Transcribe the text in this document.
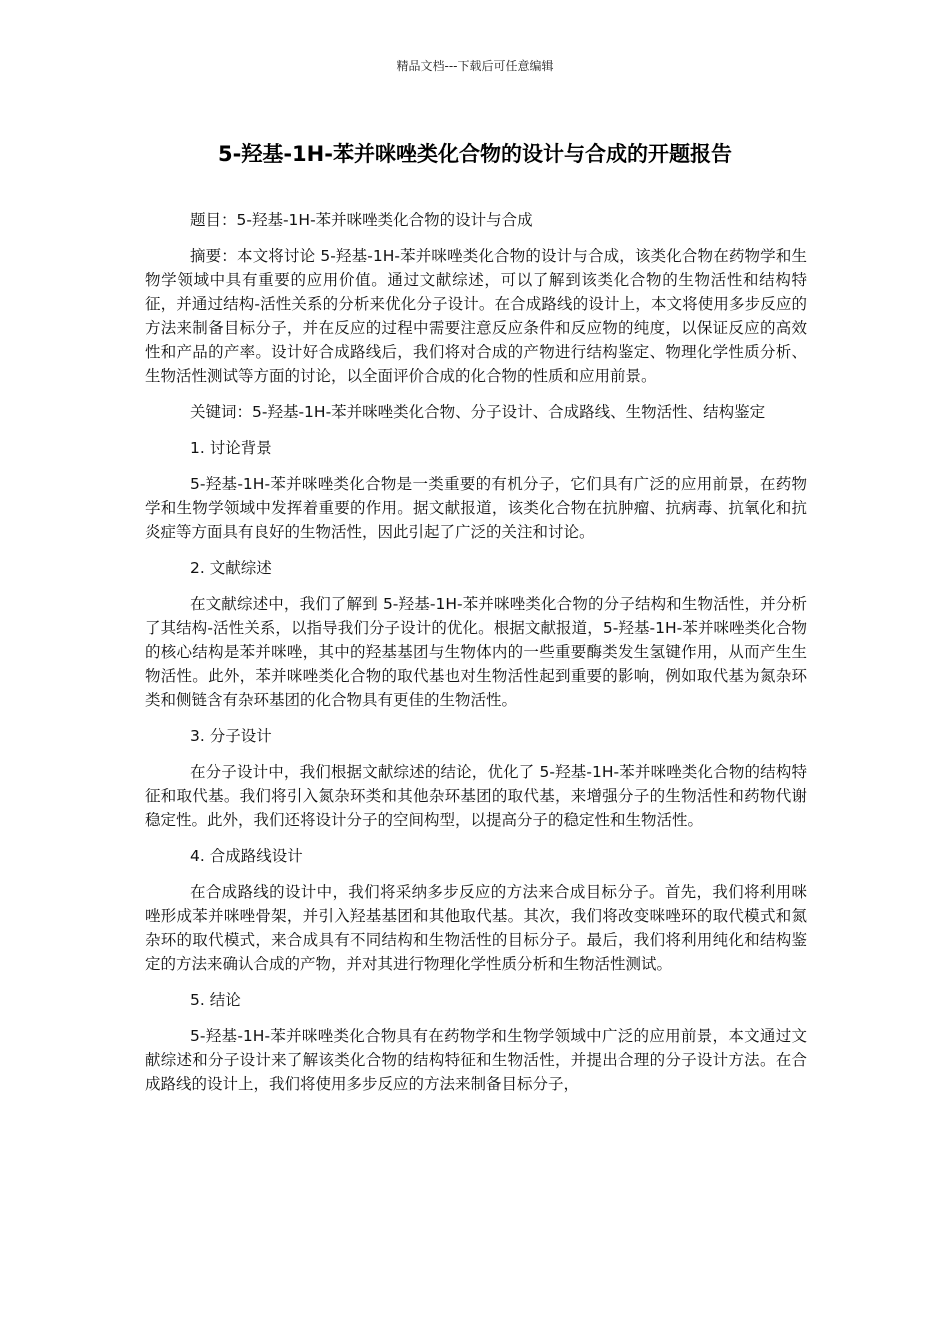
精品文档---下载后可任意编辑
5-羟基-1H-苯并咪唑类化合物的设计与合成的开题报告

题目：5-羟基-1H-苯并咪唑类化合物的设计与合成

摘要：本文将讨论 5-羟基-1H-苯并咪唑类化合物的设计与合成，该类化合物在药物学和生物学领域中具有重要的应用价值。通过文献综述，可以了解到该类化合物的生物活性和结构特征，并通过结构-活性关系的分析来优化分子设计。在合成路线的设计上，本文将使用多步反应的方法来制备目标分子，并在反应的过程中需要注意反应条件和反应物的纯度，以保证反应的高效性和产品的产率。设计好合成路线后，我们将对合成的产物进行结构鉴定、物理化学性质分析、生物活性测试等方面的讨论，以全面评价合成的化合物的性质和应用前景。

关键词：5-羟基-1H-苯并咪唑类化合物、分子设计、合成路线、生物活性、结构鉴定

1. 讨论背景

5-羟基-1H-苯并咪唑类化合物是一类重要的有机分子，它们具有广泛的应用前景，在药物学和生物学领域中发挥着重要的作用。据文献报道，该类化合物在抗肿瘤、抗病毒、抗氧化和抗炎症等方面具有良好的生物活性，因此引起了广泛的关注和讨论。

2. 文献综述

在文献综述中，我们了解到 5-羟基-1H-苯并咪唑类化合物的分子结构和生物活性，并分析了其结构-活性关系，以指导我们分子设计的优化。根据文献报道，5-羟基-1H-苯并咪唑类化合物的核心结构是苯并咪唑，其中的羟基基团与生物体内的一些重要酶类发生氢键作用，从而产生生物活性。此外，苯并咪唑类化合物的取代基也对生物活性起到重要的影响，例如取代基为氮杂环类和侧链含有杂环基团的化合物具有更佳的生物活性。

3. 分子设计

在分子设计中，我们根据文献综述的结论，优化了 5-羟基-1H-苯并咪唑类化合物的结构特征和取代基。我们将引入氮杂环类和其他杂环基团的取代基，来增强分子的生物活性和药物代谢稳定性。此外，我们还将设计分子的空间构型，以提高分子的稳定性和生物活性。

4. 合成路线设计

在合成路线的设计中，我们将采纳多步反应的方法来合成目标分子。首先，我们将利用咪唑形成苯并咪唑骨架，并引入羟基基团和其他取代基。其次，我们将改变咪唑环的取代模式和氮杂环的取代模式，来合成具有不同结构和生物活性的目标分子。最后，我们将利用纯化和结构鉴定的方法来确认合成的产物，并对其进行物理化学性质分析和生物活性测试。

5. 结论

5-羟基-1H-苯并咪唑类化合物具有在药物学和生物学领域中广泛的应用前景，本文通过文献综述和分子设计来了解该类化合物的结构特征和生物活性，并提出合理的分子设计方法。在合成路线的设计上，我们将使用多步反应的方法来制备目标分子，
